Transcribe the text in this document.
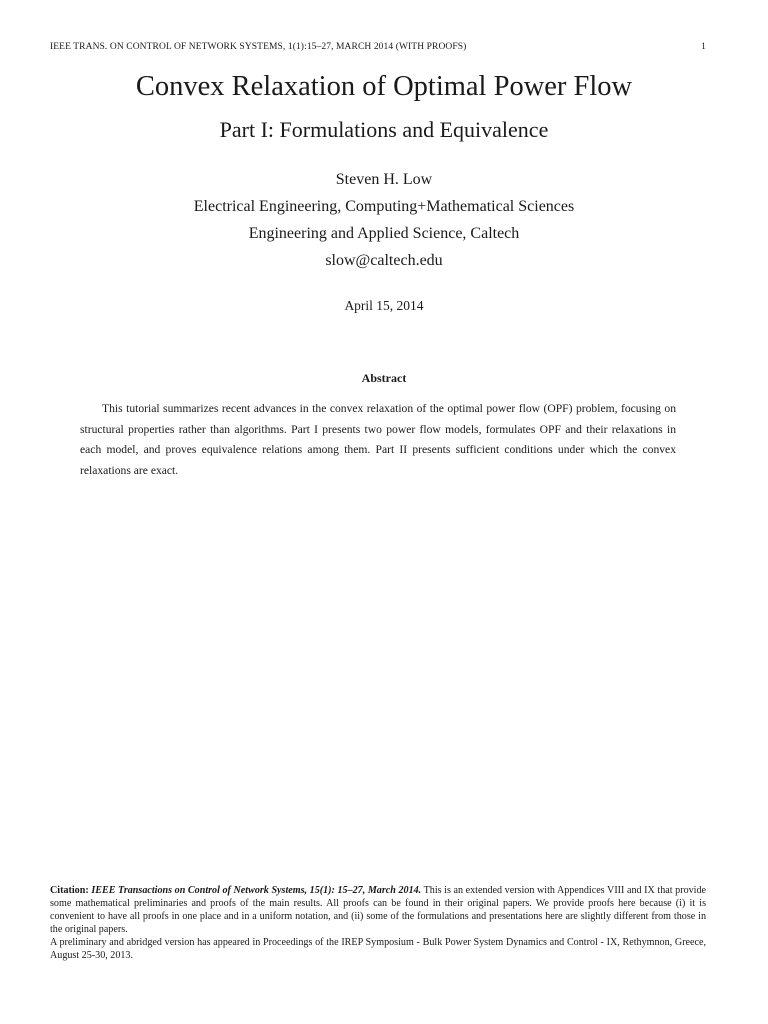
IEEE TRANS. ON CONTROL OF NETWORK SYSTEMS, 1(1):15–27, MARCH 2014 (WITH PROOFS)	1
Convex Relaxation of Optimal Power Flow
Part I: Formulations and Equivalence
Steven H. Low
Electrical Engineering, Computing+Mathematical Sciences
Engineering and Applied Science, Caltech
slow@caltech.edu
April 15, 2014
Abstract
This tutorial summarizes recent advances in the convex relaxation of the optimal power flow (OPF) problem, focusing on structural properties rather than algorithms. Part I presents two power flow models, formulates OPF and their relaxations in each model, and proves equivalence relations among them. Part II presents sufficient conditions under which the convex relaxations are exact.

Citation: IEEE Transactions on Control of Network Systems, 15(1): 15–27, March 2014. This is an extended version with Appendices VIII and IX that provide some mathematical preliminaries and proofs of the main results. All proofs can be found in their original papers. We provide proofs here because (i) it is convenient to have all proofs in one place and in a uniform notation, and (ii) some of the formulations and presentations here are slightly different from those in the original papers.

A preliminary and abridged version has appeared in Proceedings of the IREP Symposium - Bulk Power System Dynamics and Control - IX, Rethymnon, Greece, August 25-30, 2013.
